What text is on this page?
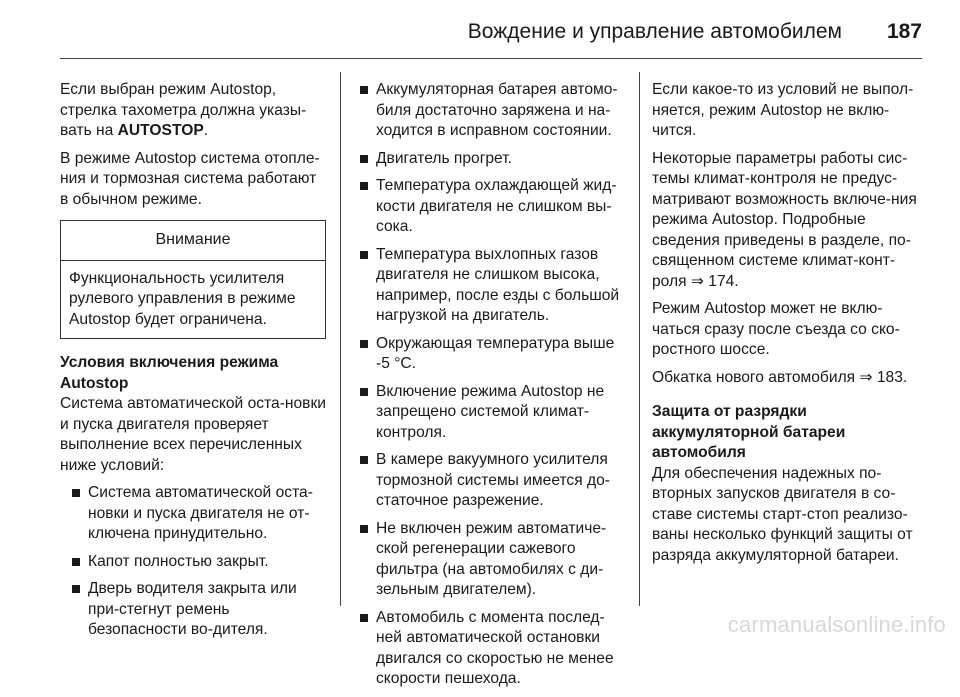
Вождение и управление автомобилем 187

Если выбран режим Autostop, стрелка тахометра должна указы-вать на AUTOSTOP.

В режиме Autostop система отопле-ния и тормозная система работают в обычном режиме.

Внимание
Функциональность усилителя рулевого управления в режиме Autostop будет ограничена.
Условия включения режима Autostop

Система автоматической оста-новки и пуска двигателя проверяет выполнение всех перечисленных ниже условий:

Система автоматической оста-новки и пуска двигателя не от-ключена принудительно.
Капот полностью закрыт.
Дверь водителя закрыта или при-стегнут ремень безопасности во-дителя.
Аккумуляторная батарея автомо-биля достаточно заряжена и на-ходится в исправном состоянии.
Двигатель прогрет.
Температура охлаждающей жид-кости двигателя не слишком вы-сока.
Температура выхлопных газов двигателя не слишком высока, например, после езды с большой нагрузкой на двигатель.
Окружающая температура выше -5 °C.
Включение режима Autostop не запрещено системой климат-контроля.
В камере вакуумного усилителя тормозной системы имеется до-статочное разрежение.
Не включен режим автоматиче-ской регенерации сажевого фильтра (на автомобилях с ди-зельным двигателем).
Автомобиль с момента послед-ней автоматической остановки двигался со скоростью не менее скорости пешехода.

Если какое-то из условий не выпол-няется, режим Autostop не вклю-чится.

Некоторые параметры работы сис-темы климат-контроля не предус-матривают возможность включе-ния режима Autostop. Подробные сведения приведены в разделе, по-священном системе климат-конт-роля ⇒ 174.

Режим Autostop может не вклю-чаться сразу после съезда со ско-ростного шоссе.

Обкатка нового автомобиля ⇒ 183.

Защита от разрядки аккумуляторной батареи автомобиля

Для обеспечения надежных по-вторных запусков двигателя в со-ставе системы старт-стоп реализо-ваны несколько функций защиты от разряда аккумуляторной батареи.

carmanualsonline.info
